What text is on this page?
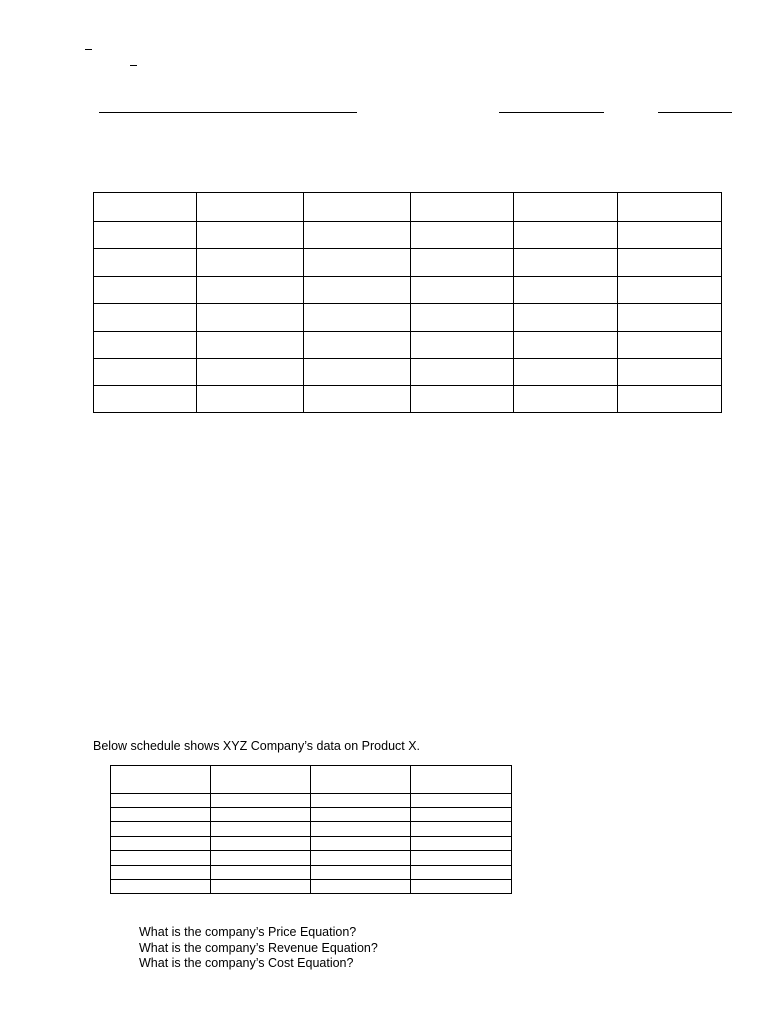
Below schedule shows XYZ Company’s data on Product X.

What is the company’s Price Equation?
What is the company’s Revenue Equation?
What is the company’s Cost Equation?
